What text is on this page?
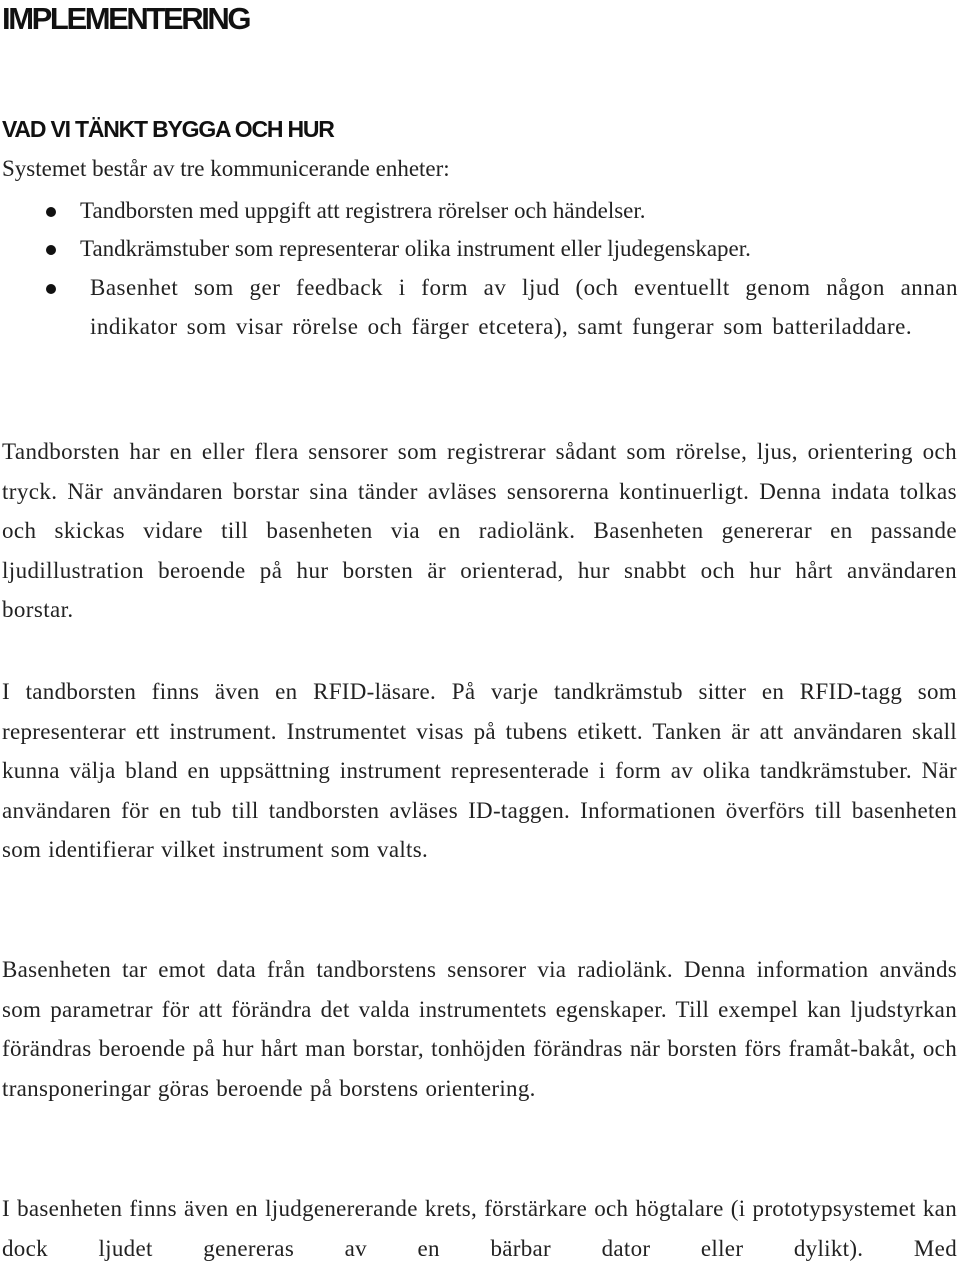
IMPLEMENTERING
VAD VI TÄNKT BYGGA OCH HUR

Systemet består av tre kommunicerande enheter:

Tandborsten med uppgift att registrera rörelser och händelser.
Tandkrämstuber som representerar olika instrument eller ljudegenskaper.
Basenhet som ger feedback i form av ljud (och eventuellt genom någon annan indikator som visar rörelse och färger etcetera), samt fungerar som batteriladdare.

Tandborsten har en eller flera sensorer som registrerar sådant som rörelse, ljus, orientering och tryck. När användaren borstar sina tänder avläses sensorerna kontinuerligt. Denna indata tolkas och skickas vidare till basenheten via en radiolänk. Basenheten genererar en passande ljudillustration beroende på hur borsten är orienterad, hur snabbt och hur hårt användaren borstar.

I tandborsten finns även en RFID-läsare. På varje tandkrämstub sitter en RFID-tagg som representerar ett instrument. Instrumentet visas på tubens etikett. Tanken är att användaren skall kunna välja bland en uppsättning instrument representerade i form av olika tandkrämstuber. När användaren för en tub till tandborsten avläses ID-taggen. Informationen överförs till basenheten som identifierar vilket instrument som valts.

Basenheten tar emot data från tandborstens sensorer via radiolänk. Denna information används som parametrar för att förändra det valda instrumentets egenskaper. Till exempel kan ljudstyrkan förändras beroende på hur hårt man borstar, tonhöjden förändras när borsten förs framåt-bakåt, och transponeringar göras beroende på borstens orientering.

I basenheten finns även en ljudgenererande krets, förstärkare och högtalare (i prototypsystemet kan dock ljudet genereras av en bärbar dator eller dylikt). Med
